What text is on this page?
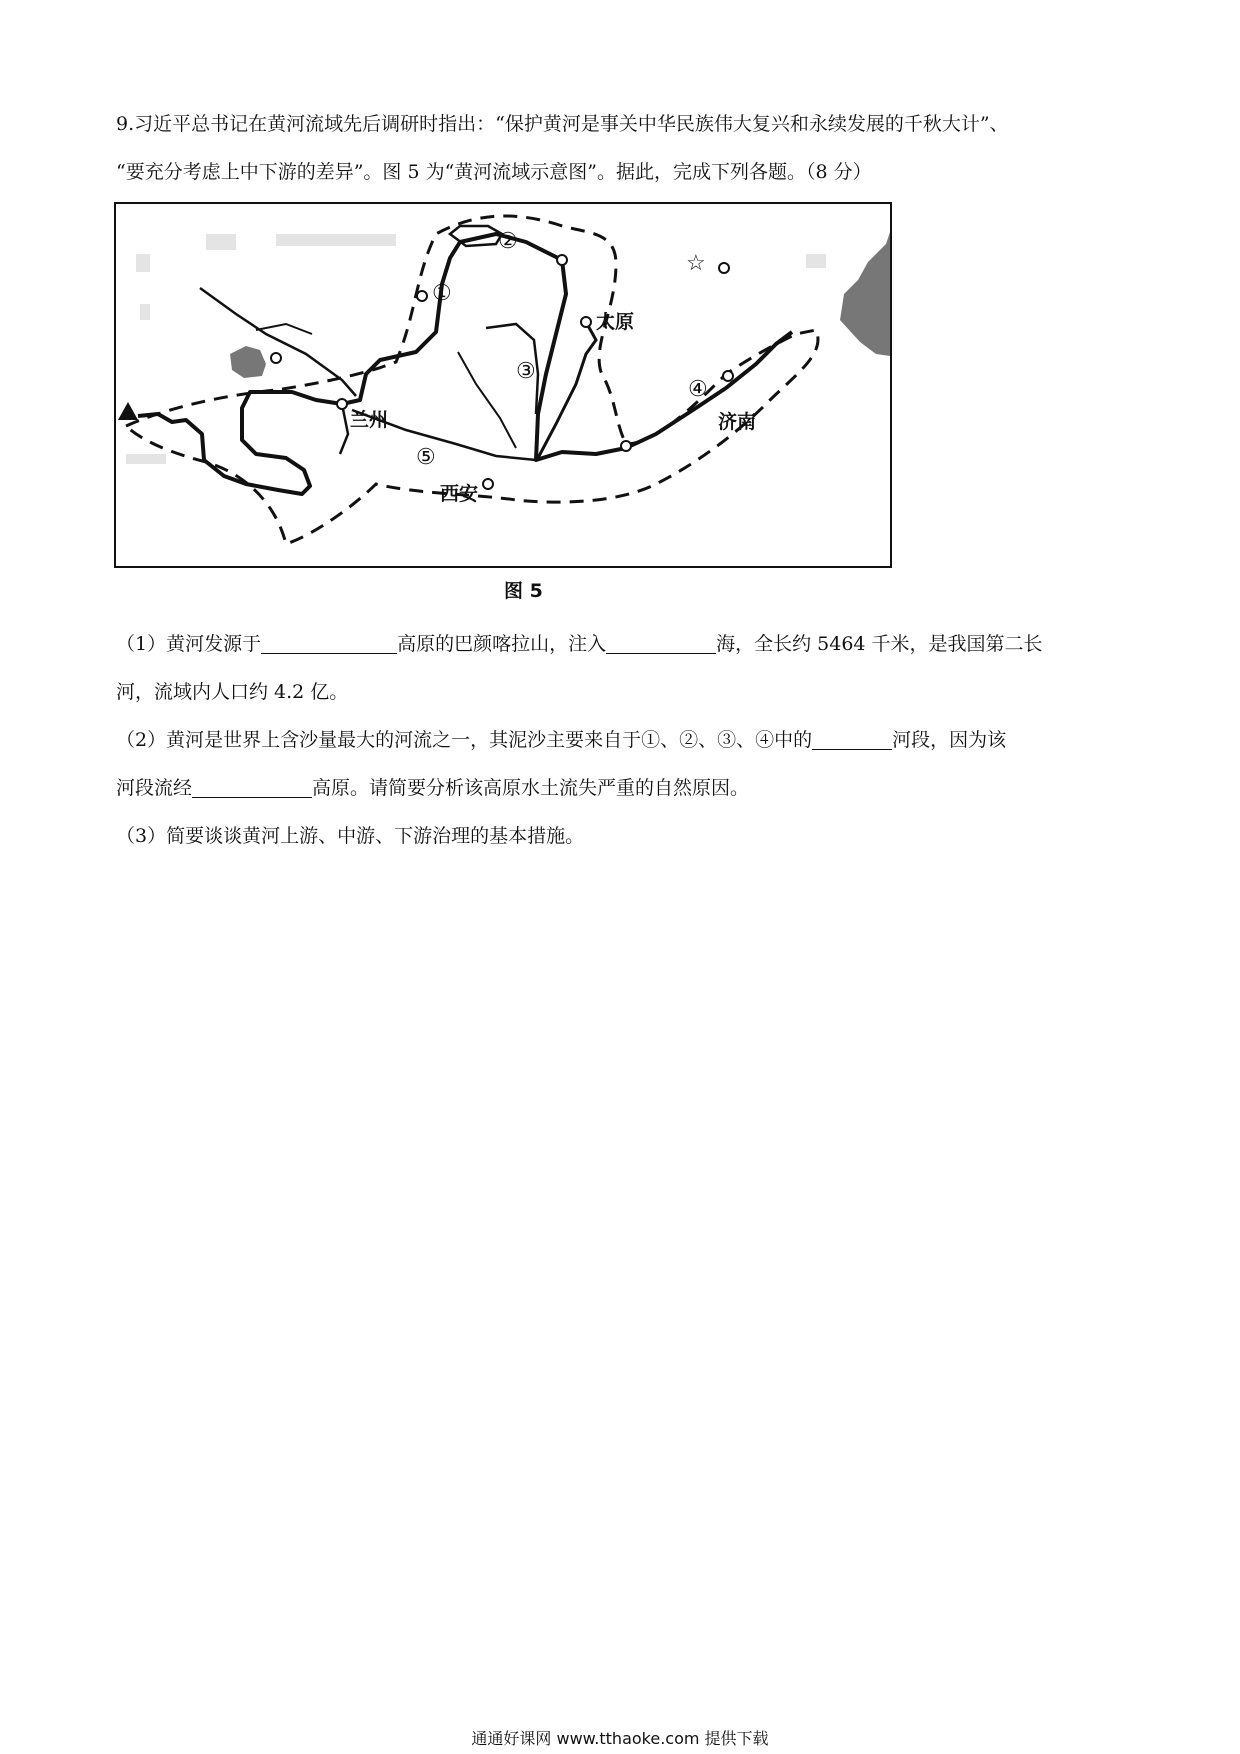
9.习近平总书记在黄河流域先后调研时指出：“保护黄河是事关中华民族伟大复兴和永续发展的千秋大计”、
“要充分考虑上中下游的差异”。图 5 为“黄河流域示意图”。据此，完成下列各题。（8 分）

☆
①
②
③
④
⑤
兰州
太原
济南
西安
图 5

（1）黄河发源于	高原的巴颜喀拉山，注入	海，全长约 5464 千米，是我国第二长
河，流域内人口约 4.2 亿。

（2）黄河是世界上含沙量最大的河流之一，其泥沙主要来自于①、②、③、④中的	河段，因为该
河段流经	高原。请简要分析该高原水土流失严重的自然原因。

（3）简要谈谈黄河上游、中游、下游治理的基本措施。

通通好课网 www.tthaoke.com 提供下载
